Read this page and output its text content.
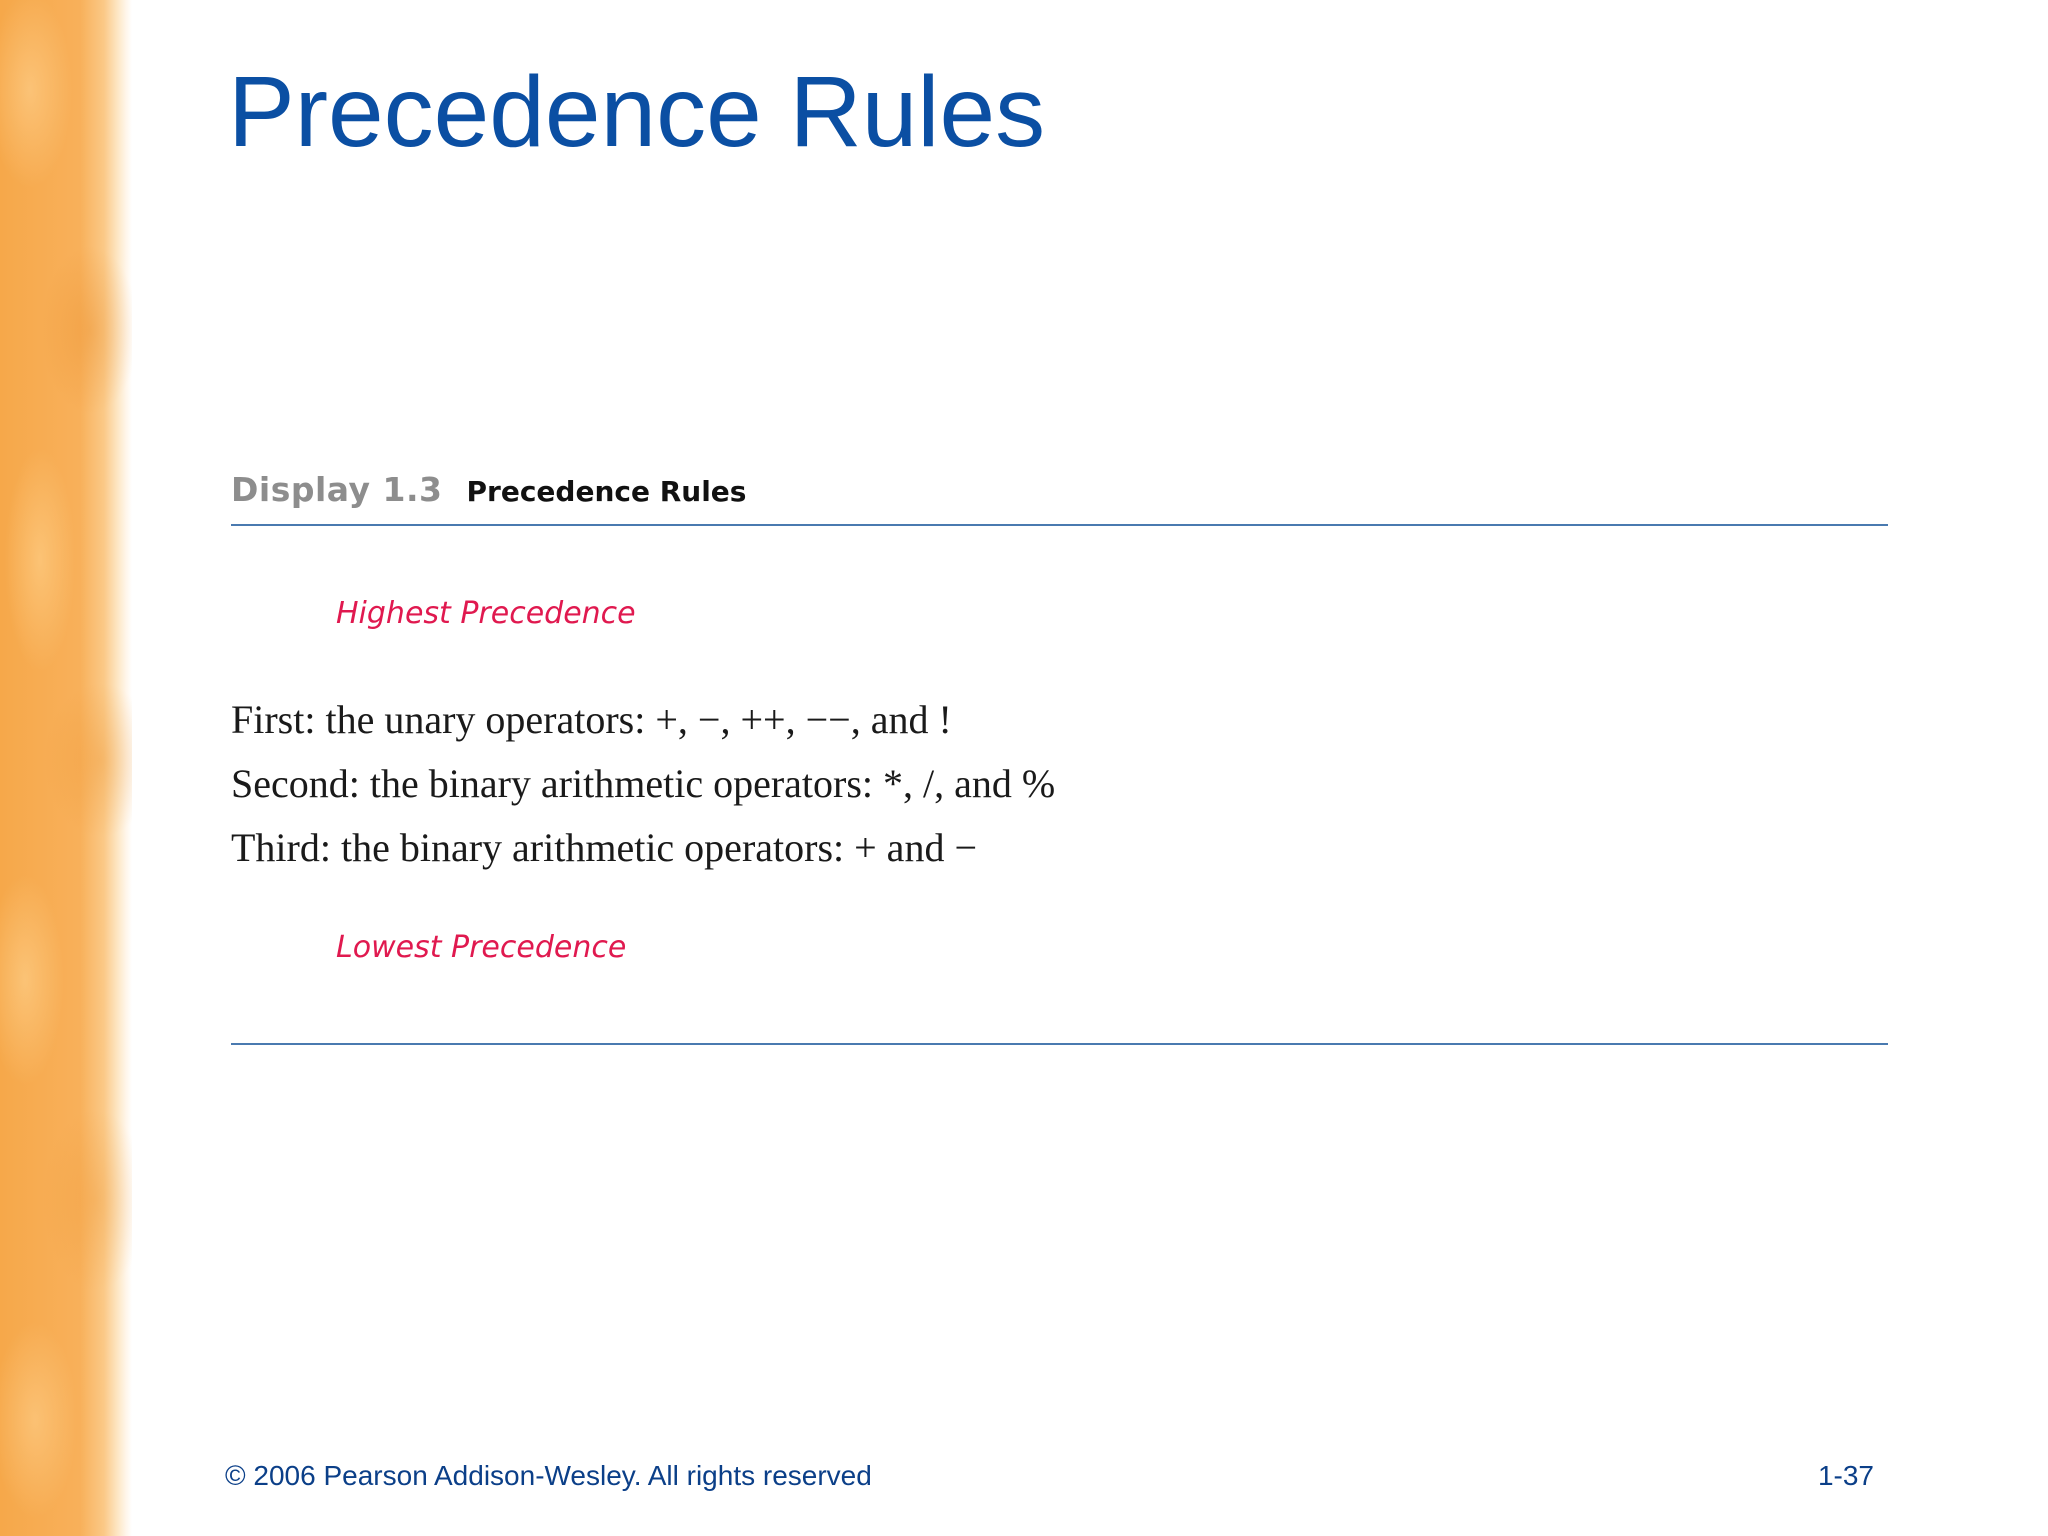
Precedence Rules
Display 1.3 Precedence Rules
Highest Precedence
First: the unary operators: +, −, ++, −−, and !
Second: the binary arithmetic operators: *, /, and %
Third: the binary arithmetic operators: + and −
Lowest Precedence
© 2006 Pearson Addison-Wesley. All rights reserved	1-37
